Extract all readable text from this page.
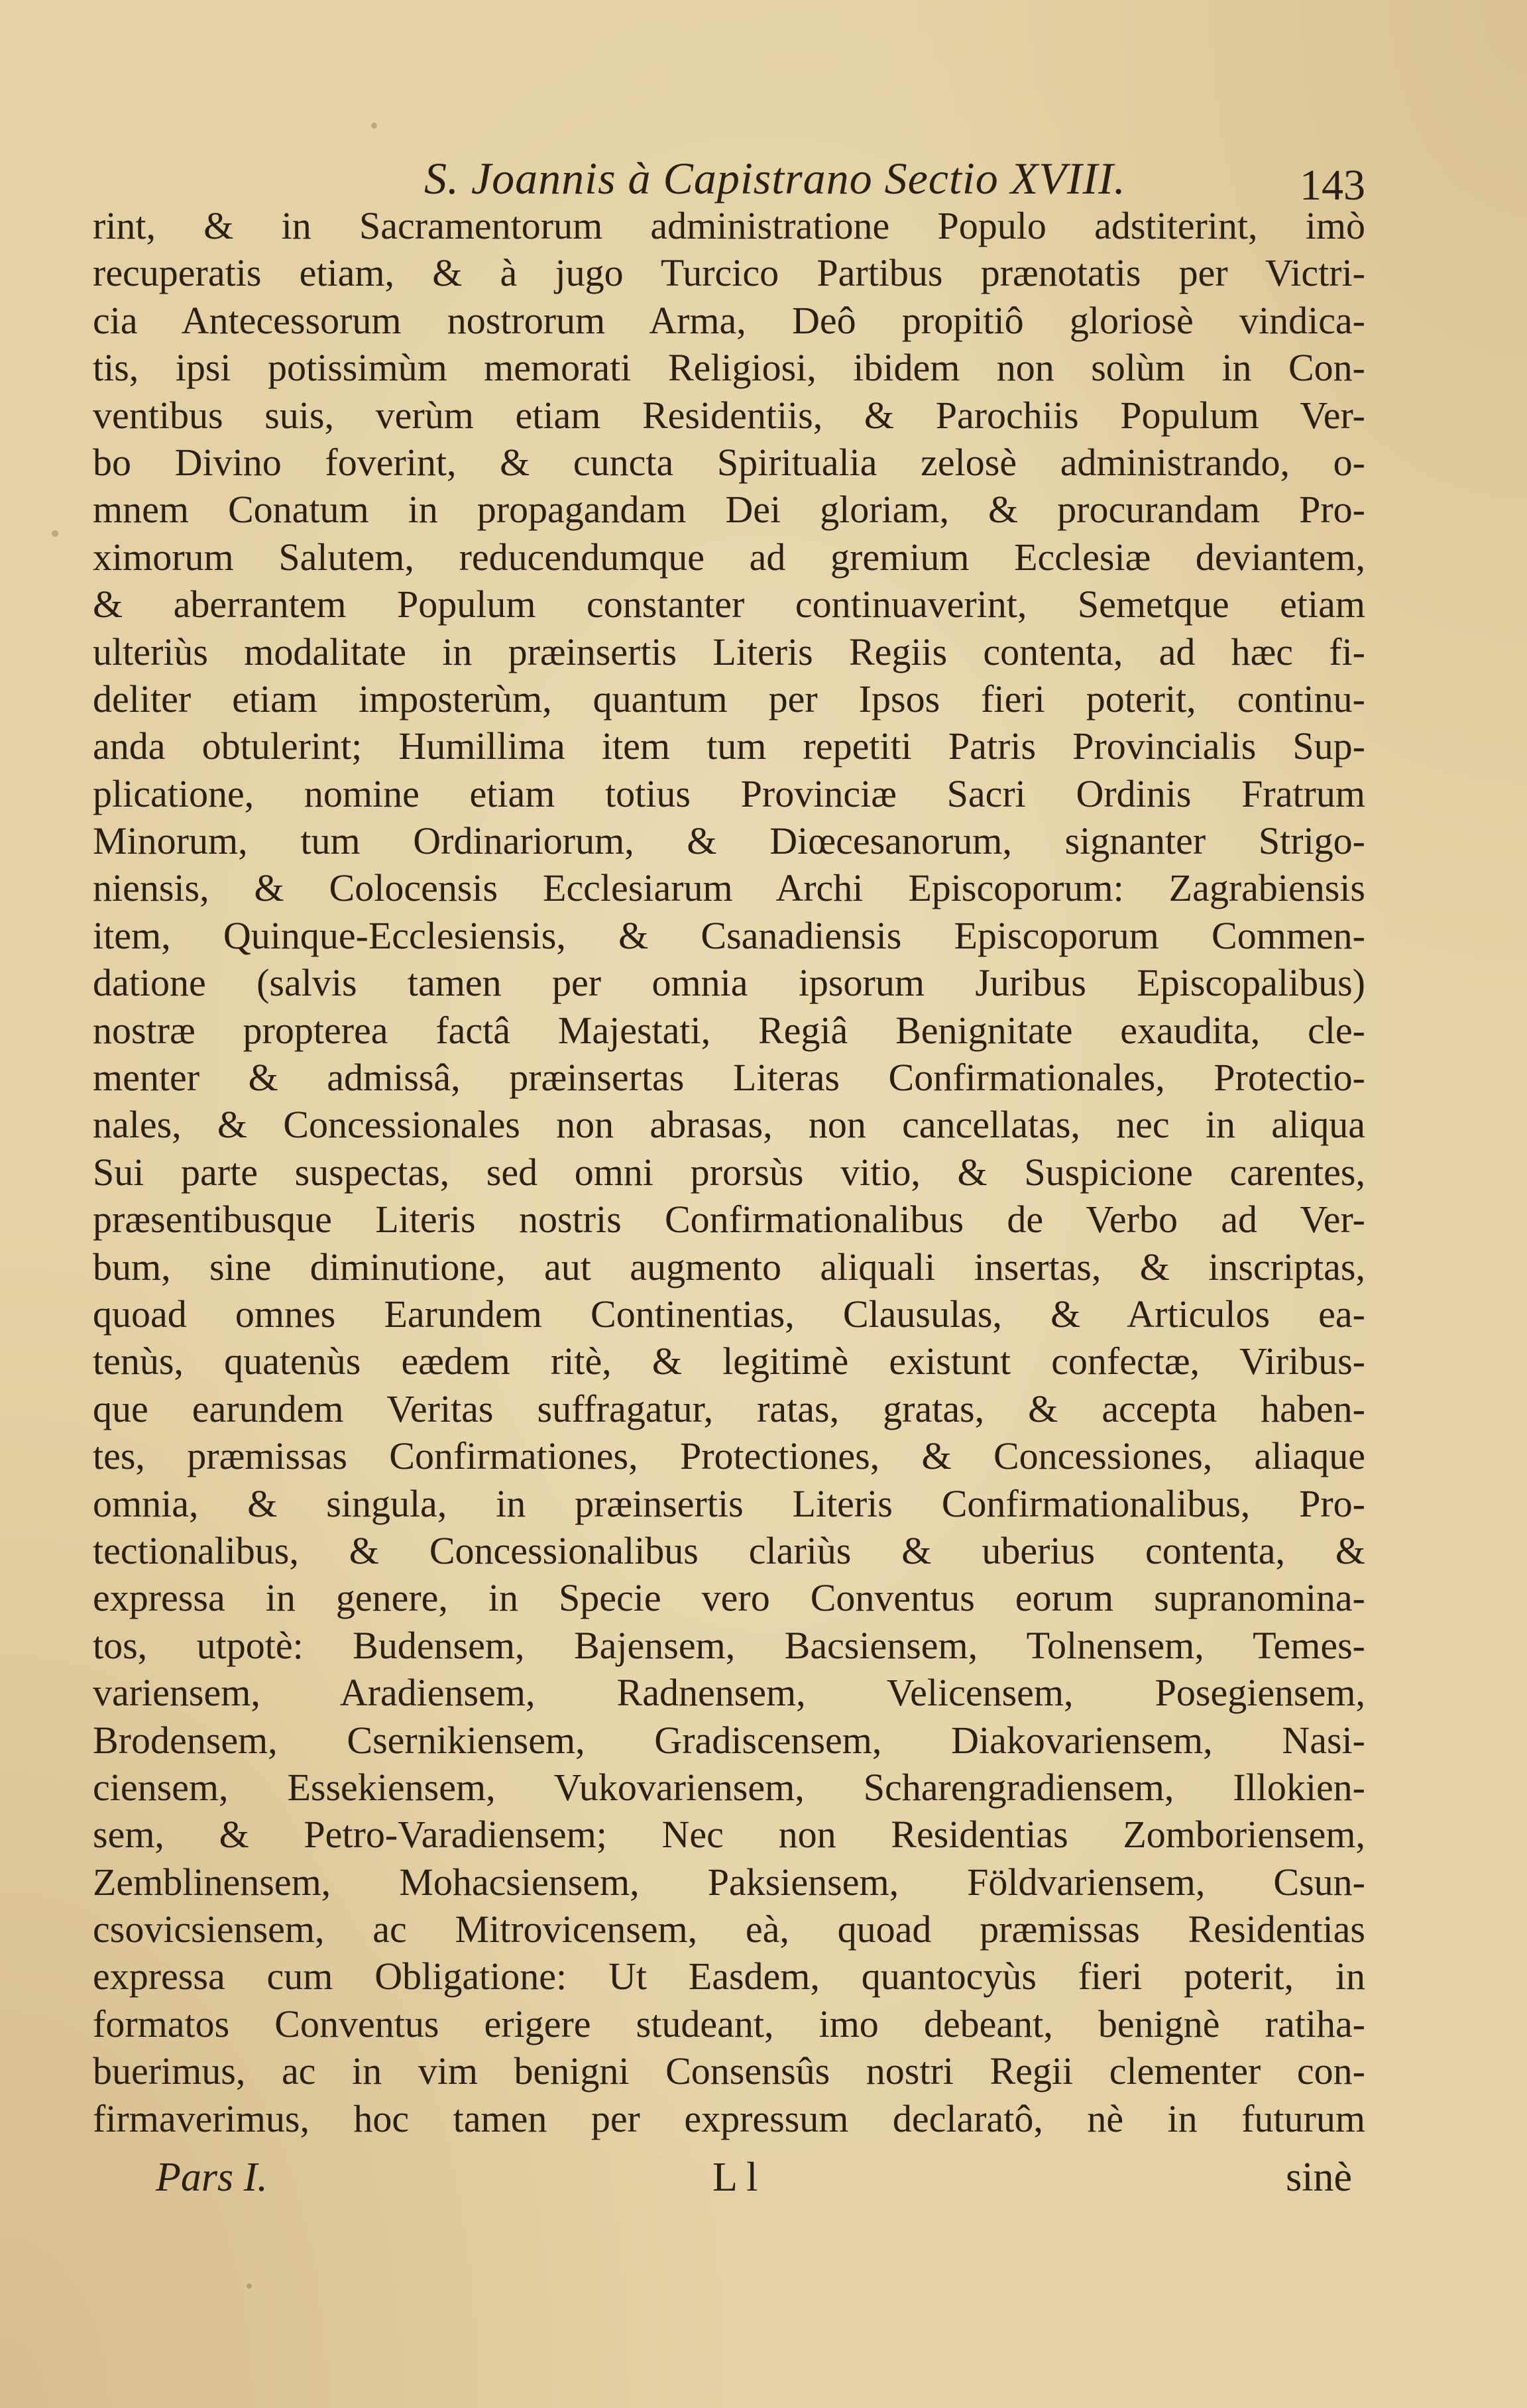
S. Joannis à Capistrano Sectio XVIII.	143
rint, & in Sacramentorum administratione Populo adstiterint, imò
recuperatis etiam, & à jugo Turcico Partibus prænotatis per Victri-
cia Antecessorum nostrorum Arma, Deô propitiô gloriosè vindica-
tis, ipsi potissimùm memorati Religiosi, ibidem non solùm in Con-
ventibus suis, verùm etiam Residentiis, & Parochiis Populum Ver-
bo Divino foverint, & cuncta Spiritualia zelosè administrando, o-
mnem Conatum in propagandam Dei gloriam, & procurandam Pro-
ximorum Salutem, reducendumque ad gremium Ecclesiæ deviantem,
& aberrantem Populum constanter continuaverint, Semetque etiam
ulteriùs modalitate in præinsertis Literis Regiis contenta, ad hæc fi-
deliter etiam imposterùm, quantum per Ipsos fieri poterit, continu-
anda obtulerint; Humillima item tum repetiti Patris Provincialis Sup-
plicatione, nomine etiam totius Provinciæ Sacri Ordinis Fratrum
Minorum, tum Ordinariorum, & Diœcesanorum, signanter Strigo-
niensis, & Colocensis Ecclesiarum Archi Episcoporum: Zagrabiensis
item, Quinque-Ecclesiensis, & Csanadiensis Episcoporum Commen-
datione (salvis tamen per omnia ipsorum Juribus Episcopalibus)
nostræ propterea factâ Majestati, Regiâ Benignitate exaudita, cle-
menter & admissâ, præinsertas Literas Confirmationales, Protectio-
nales, & Concessionales non abrasas, non cancellatas, nec in aliqua
Sui parte suspectas, sed omni prorsùs vitio, & Suspicione carentes,
præsentibusque Literis nostris Confirmationalibus de Verbo ad Ver-
bum, sine diminutione, aut augmento aliquali insertas, & inscriptas,
quoad omnes Earundem Continentias, Clausulas, & Articulos ea-
tenùs, quatenùs eædem ritè, & legitimè existunt confectæ, Viribus-
que earundem Veritas suffragatur, ratas, gratas, & accepta haben-
tes, præmissas Confirmationes, Protectiones, & Concessiones, aliaque
omnia, & singula, in præinsertis Literis Confirmationalibus, Pro-
tectionalibus, & Concessionalibus clariùs & uberius contenta, &
expressa in genere, in Specie vero Conventus eorum supranomina-
tos, utpotè: Budensem, Bajensem, Bacsiensem, Tolnensem, Temes-
variensem, Aradiensem, Radnensem, Velicensem, Posegiensem,
Brodensem, Csernikiensem, Gradiscensem, Diakovariensem, Nasi-
ciensem, Essekiensem, Vukovariensem, Scharengradiensem, Illokien-
sem, & Petro-Varadiensem; Nec non Residentias Zomboriensem,
Zemblinensem, Mohacsiensem, Paksiensem, Földvariensem, Csun-
csovicsiensem, ac Mitrovicensem, eà, quoad præmissas Residentias
expressa cum Obligatione: Ut Easdem, quantocyùs fieri poterit, in
formatos Conventus erigere studeant, imo debeant, benignè ratiha-
buerimus, ac in vim benigni Consensûs nostri Regii clementer con-
firmaverimus, hoc tamen per expressum declaratô, nè in futurum
Pars I.	L l	sinè
